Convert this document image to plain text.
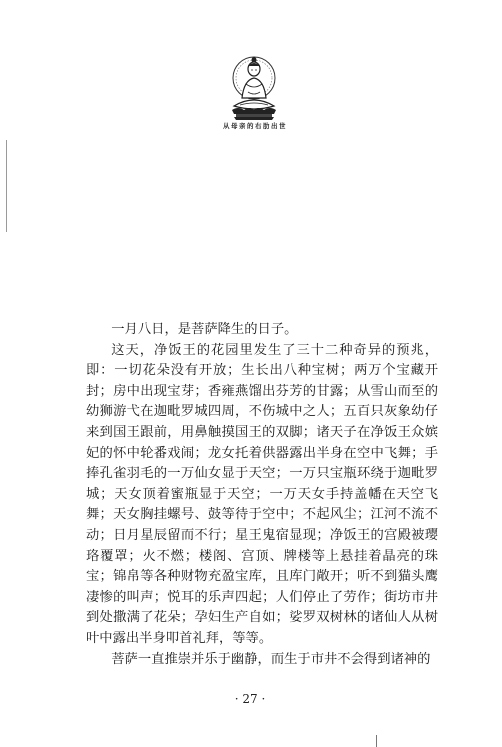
从母亲的右肋出世

一月八日，是菩萨降生的日子。

这天，净饭王的花园里发生了三十二种奇异的预兆，即：一切花朵没有开放；生长出八种宝树；两万个宝藏开封；房中出现宝芽；香雍燕馏出芬芳的甘露；从雪山而至的幼狮游弋在迦毗罗城四周，不伤城中之人；五百只灰象幼仔来到国王跟前，用鼻触摸国王的双脚；诸天子在净饭王众嫔妃的怀中轮番戏闹；龙女托着供器露出半身在空中飞舞；手捧孔雀羽毛的一万仙女显于天空；一万只宝瓶环绕于迦毗罗城；天女顶着蜜瓶显于天空；一万天女手持盖幡在天空飞舞；天女胸挂螺号、鼓等待于空中；不起风尘；江河不流不动；日月星辰留而不行；星王鬼宿显现；净饭王的宫殿被璎珞覆罩；火不燃；楼阁、宫顶、牌楼等上悬挂着晶亮的珠宝；锦帛等各种财物充盈宝库，且库门敞开；听不到猫头鹰凄惨的叫声；悦耳的乐声四起；人们停止了劳作；街坊市井到处撒满了花朵；孕妇生产自如；娑罗双树林的诸仙人从树叶中露出半身叩首礼拜，等等。

菩萨一直推崇并乐于幽静，而生于市井不会得到诸神的

· 27 ·
